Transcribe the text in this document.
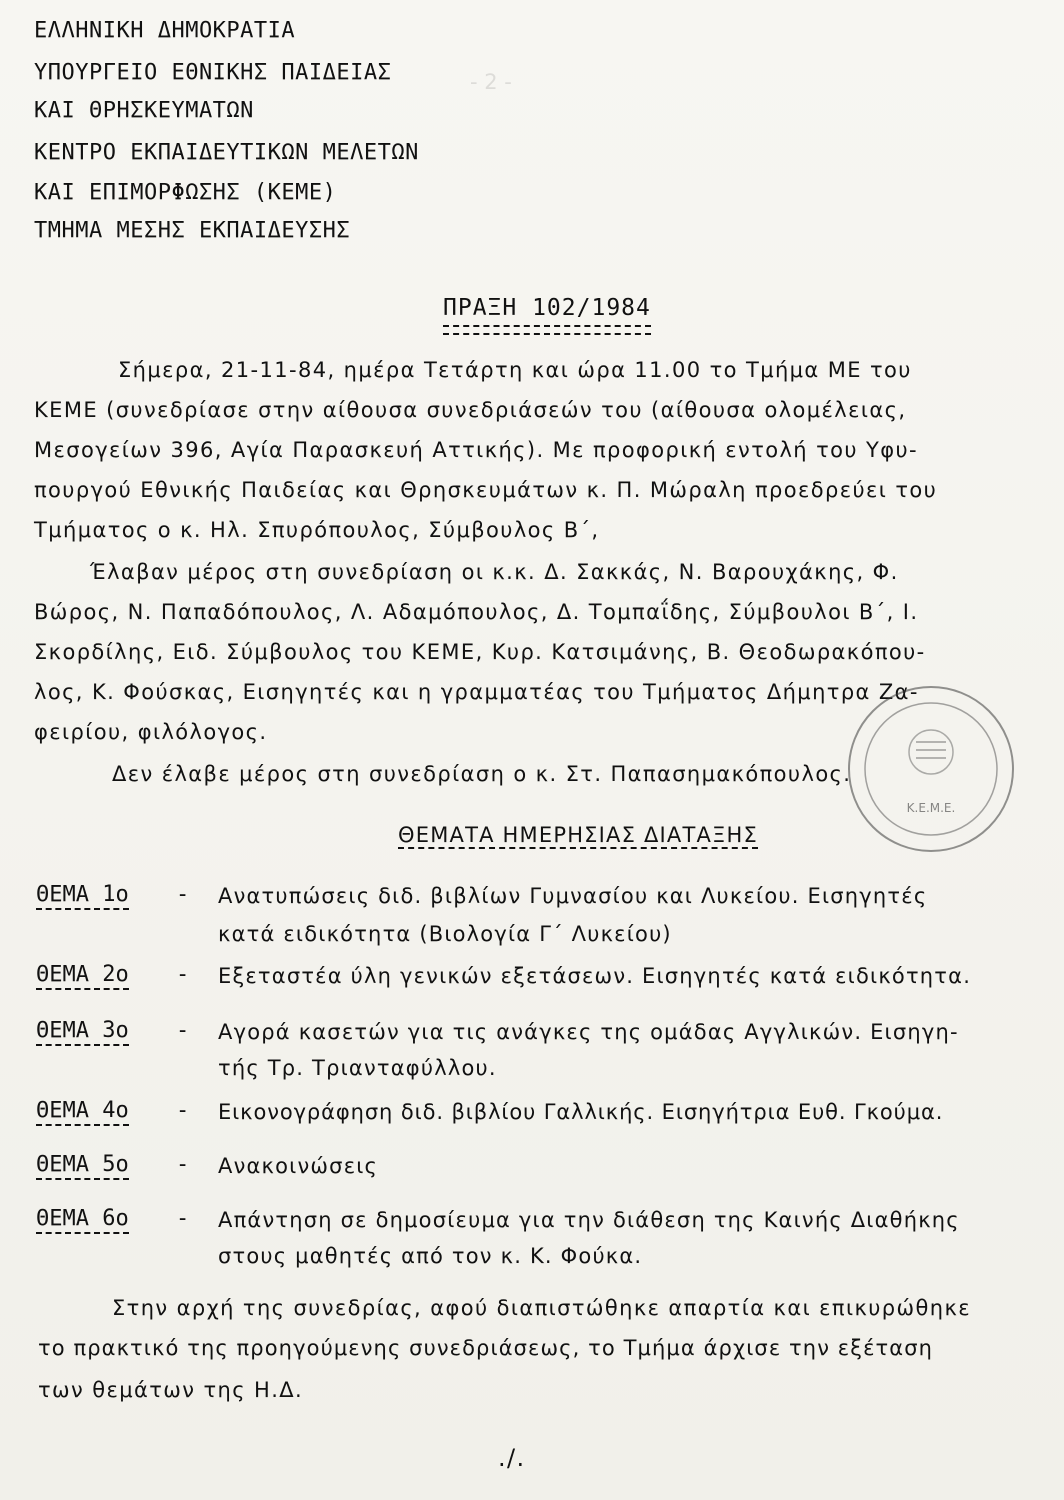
- 2 -
ΕΛΛΗΝΙΚΗ ΔΗΜΟΚΡΑΤΙΑ
ΥΠΟΥΡΓΕΙΟ ΕΘΝΙΚΗΣ ΠΑΙΔΕΙΑΣ
ΚΑΙ ΘΡΗΣΚΕΥΜΑΤΩΝ
ΚΕΝΤΡΟ ΕΚΠΑΙΔΕΥΤΙΚΩΝ ΜΕΛΕΤΩΝ
ΚΑΙ ΕΠΙΜΟΡΦΩΣΗΣ (ΚΕΜΕ)
ΤΜΗΜΑ ΜΕΣΗΣ ΕΚΠΑΙΔΕΥΣΗΣ
ΠΡΑΞΗ 102/1984
Σήμερα, 21-11-84, ημέρα Τετάρτη και ώρα 11.00 το Τμήμα ΜΕ του
ΚΕΜΕ (συνεδρίασε στην αίθουσα συνεδριάσεών του (αίθουσα ολομέλειας,
Μεσογείων 396, Αγία Παρασκευή Αττικής). Με προφορική εντολή του Υφυ-
πουργού Εθνικής Παιδείας και Θρησκευμάτων κ. Π. Μώραλη προεδρεύει του
Τμήματος ο κ. Ηλ. Σπυρόπουλος, Σύμβουλος Β΄,
Έλαβαν μέρος στη συνεδρίαση οι κ.κ. Δ. Σακκάς, Ν. Βαρουχάκης, Φ.
Βώρος, Ν. Παπαδόπουλος, Λ. Αδαμόπουλος, Δ. Τομπαΐδης, Σύμβουλοι Β΄, Ι.
Σκορδίλης, Ειδ. Σύμβουλος του ΚΕΜΕ, Κυρ. Κατσιμάνης, Β. Θεοδωρακόπου-
λος, Κ. Φούσκας, Εισηγητές και η γραμματέας του Τμήματος Δήμητρα Ζα-
φειρίου, φιλόλογος.
Δεν έλαβε μέρος στη συνεδρίαση ο κ. Στ. Παπασημακόπουλος.
ΘΕΜΑΤΑ ΗΜΕΡΗΣΙΑΣ ΔΙΑΤΑΞΗΣ
Κ.Ε.Μ.Ε.
ΘΕΜΑ 1ο - Ανατυπώσεις διδ. βιβλίων Γυμνασίου και Λυκείου. Εισηγητές
κατά ειδικότητα (Βιολογία Γ΄ Λυκείου)
ΘΕΜΑ 2ο - Εξεταστέα ύλη γενικών εξετάσεων. Εισηγητές κατά ειδικότητα.
ΘΕΜΑ 3ο - Αγορά κασετών για τις ανάγκες της ομάδας Αγγλικών. Εισηγη-
τής Τρ. Τριανταφύλλου.
ΘΕΜΑ 4ο - Εικονογράφηση διδ. βιβλίου Γαλλικής. Εισηγήτρια Ευθ. Γκούμα.
ΘΕΜΑ 5ο - Ανακοινώσεις
ΘΕΜΑ 6ο - Απάντηση σε δημοσίευμα για την διάθεση της Καινής Διαθήκης
στους μαθητές από τον κ. Κ. Φούκα.
Στην αρχή της συνεδρίας, αφού διαπιστώθηκε απαρτία και επικυρώθηκε
το πρακτικό της προηγούμενης συνεδριάσεως, το Τμήμα άρχισε την εξέταση
των θεμάτων της Η.Δ.
./.
